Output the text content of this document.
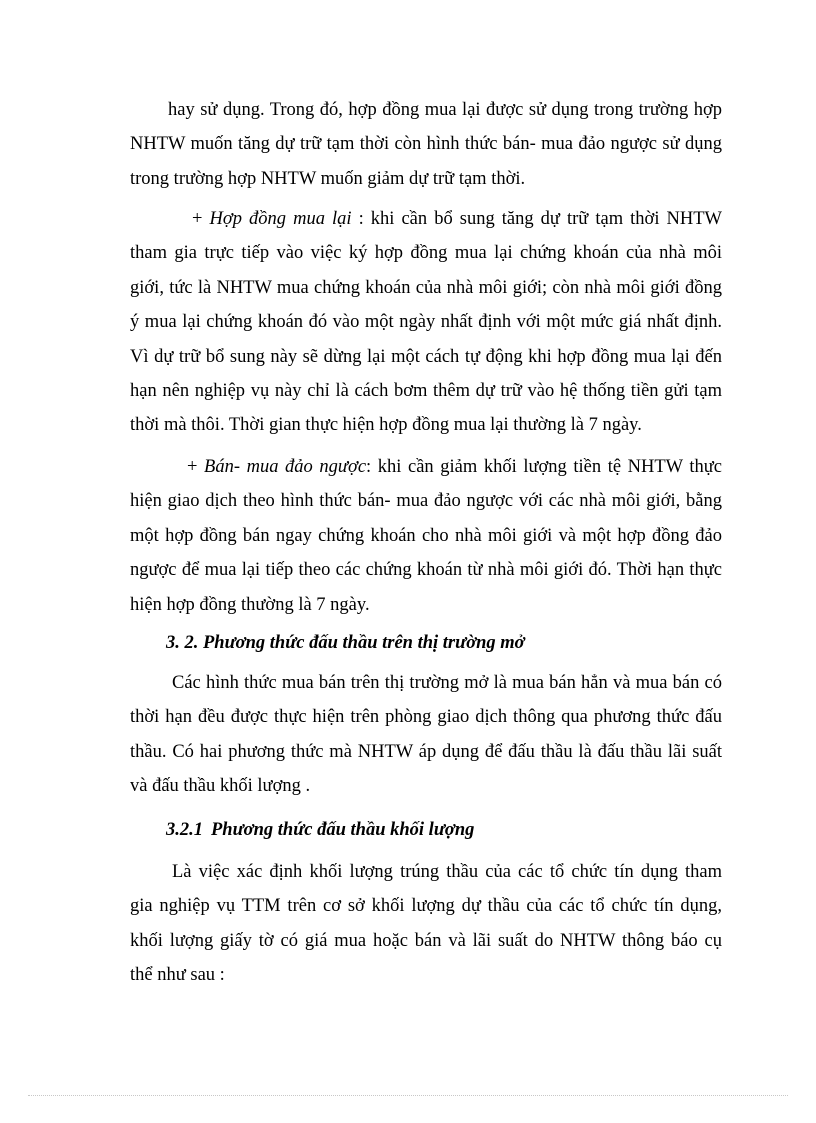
hay sử dụng. Trong đó, hợp đồng mua lại được sử dụng trong trường hợp
NHTW muốn tăng dự trữ tạm thời còn hình thức bán- mua đảo ngược sử dụng
trong trường hợp NHTW muốn giảm dự trữ tạm thời.
+ Hợp đồng mua lại : khi cần bổ sung tăng dự trữ tạm thời NHTW
tham gia trực tiếp vào việc ký hợp đồng mua lại chứng khoán của nhà môi
giới, tức là NHTW mua chứng khoán của nhà môi giới; còn nhà môi giới đồng
ý mua lại chứng khoán đó vào một ngày nhất định với một mức giá nhất định.
Vì dự trữ bổ sung này sẽ dừng lại một cách tự động khi hợp đồng mua lại đến
hạn nên nghiệp vụ này chỉ là cách bơm thêm dự trữ vào hệ thống tiền gửi tạm
thời mà thôi. Thời gian thực hiện hợp đồng mua lại thường là 7 ngày.
+ Bán- mua đảo ngược: khi cần giảm khối lượng tiền tệ NHTW thực
hiện giao dịch theo hình thức bán- mua đảo ngược với các nhà môi giới, bằng
một hợp đồng bán ngay chứng khoán cho nhà môi giới và một hợp đồng đảo
ngược để mua lại tiếp theo các chứng khoán từ nhà môi giới đó. Thời hạn thực
hiện hợp đồng thường là 7 ngày.
3. 2. Phương thức đấu thầu trên thị trường mở
Các hình thức mua bán trên thị trường mở là mua bán hẳn và mua bán có
thời hạn đều được thực hiện trên phòng giao dịch thông qua phương thức đấu
thầu. Có hai phương thức mà NHTW áp dụng để đấu thầu là đấu thầu lãi suất
và đấu thầu khối lượng .
3.2.1 Phương thức đấu thầu khối lượng
Là việc xác định khối lượng trúng thầu của các tổ chức tín dụng tham
gia nghiệp vụ TTM trên cơ sở khối lượng dự thầu của các tổ chức tín dụng,
khối lượng giấy tờ có giá mua hoặc bán và lãi suất do NHTW thông báo cụ
thể như sau :
